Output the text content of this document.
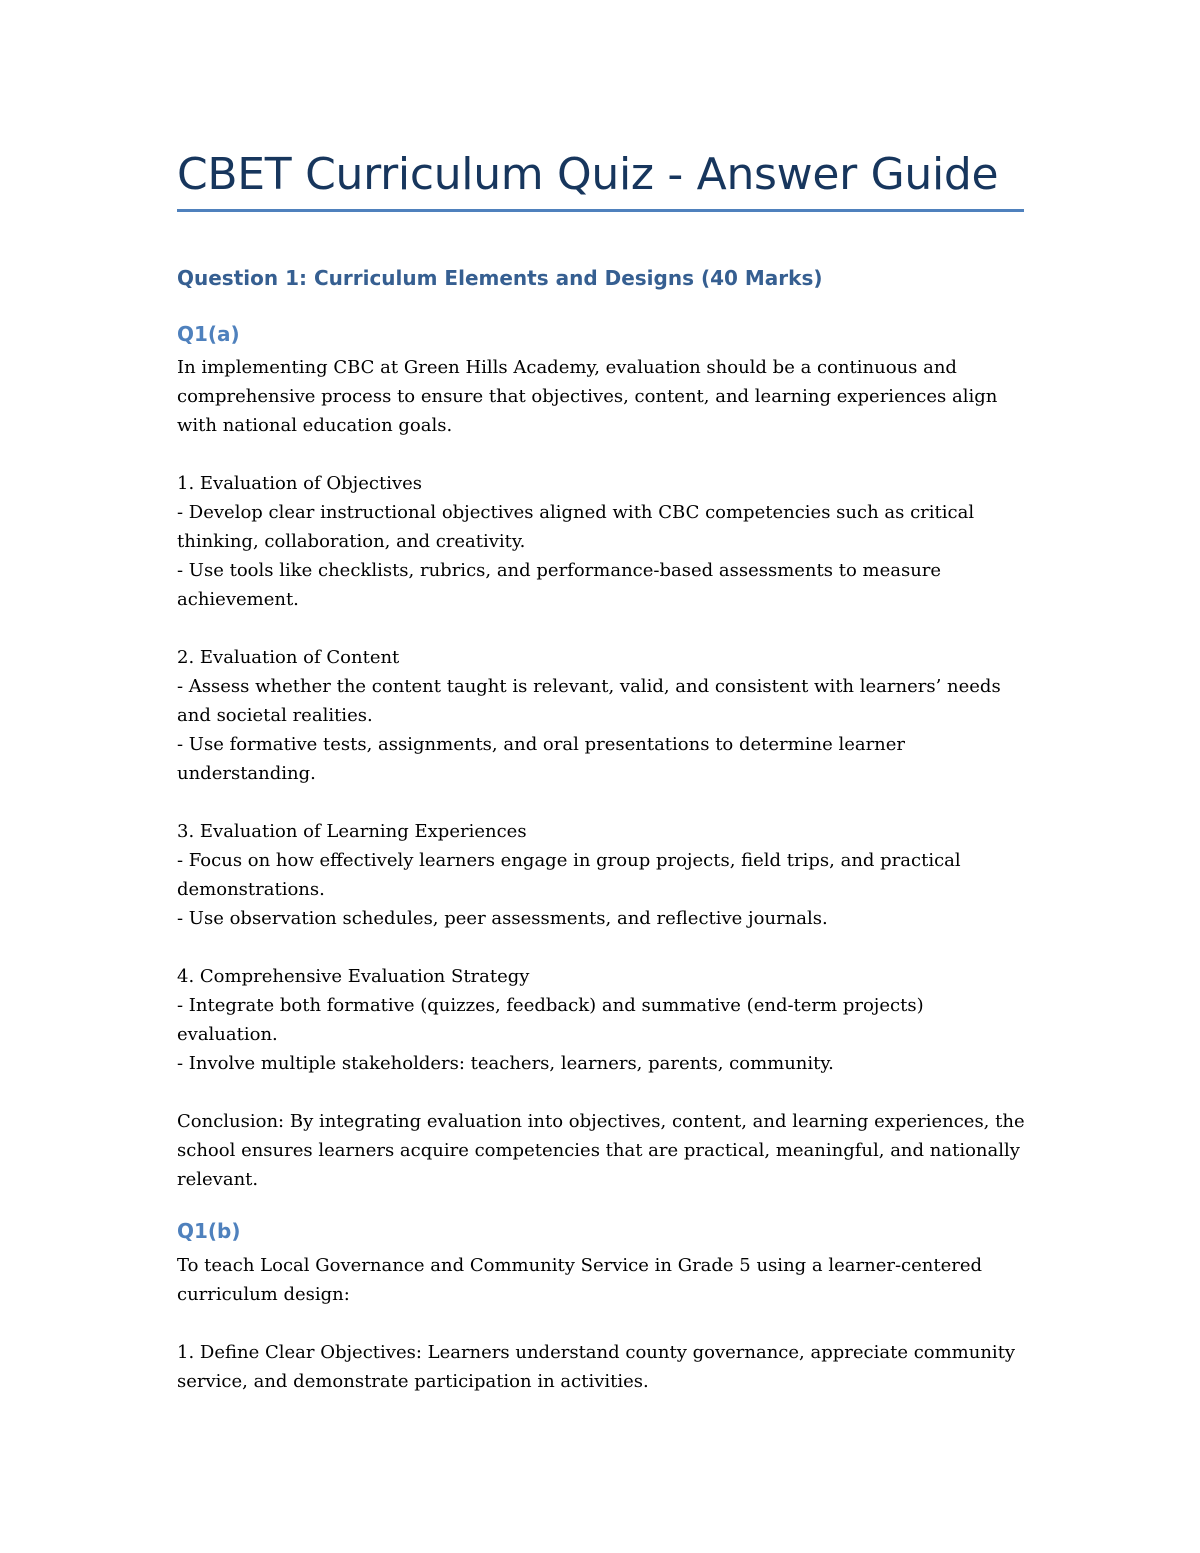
CBET Curriculum Quiz - Answer Guide
Question 1: Curriculum Elements and Designs (40 Marks)
Q1(a)

In implementing CBC at Green Hills Academy, evaluation should be a continuous and comprehensive process to ensure that objectives, content, and learning experiences align with national education goals.

1. Evaluation of Objectives

- Develop clear instructional objectives aligned with CBC competencies such as critical thinking, collaboration, and creativity.

- Use tools like checklists, rubrics, and performance-based assessments to measure achievement.

2. Evaluation of Content

- Assess whether the content taught is relevant, valid, and consistent with learners’ needs and societal realities.

- Use formative tests, assignments, and oral presentations to determine learner understanding.

3. Evaluation of Learning Experiences

- Focus on how effectively learners engage in group projects, field trips, and practical demonstrations.

- Use observation schedules, peer assessments, and reflective journals.

4. Comprehensive Evaluation Strategy

- Integrate both formative (quizzes, feedback) and summative (end-term projects) evaluation.

- Involve multiple stakeholders: teachers, learners, parents, community.

Conclusion: By integrating evaluation into objectives, content, and learning experiences, the school ensures learners acquire competencies that are practical, meaningful, and nationally relevant.

Q1(b)

To teach Local Governance and Community Service in Grade 5 using a learner-centered curriculum design:

1. Define Clear Objectives: Learners understand county governance, appreciate community service, and demonstrate participation in activities.
